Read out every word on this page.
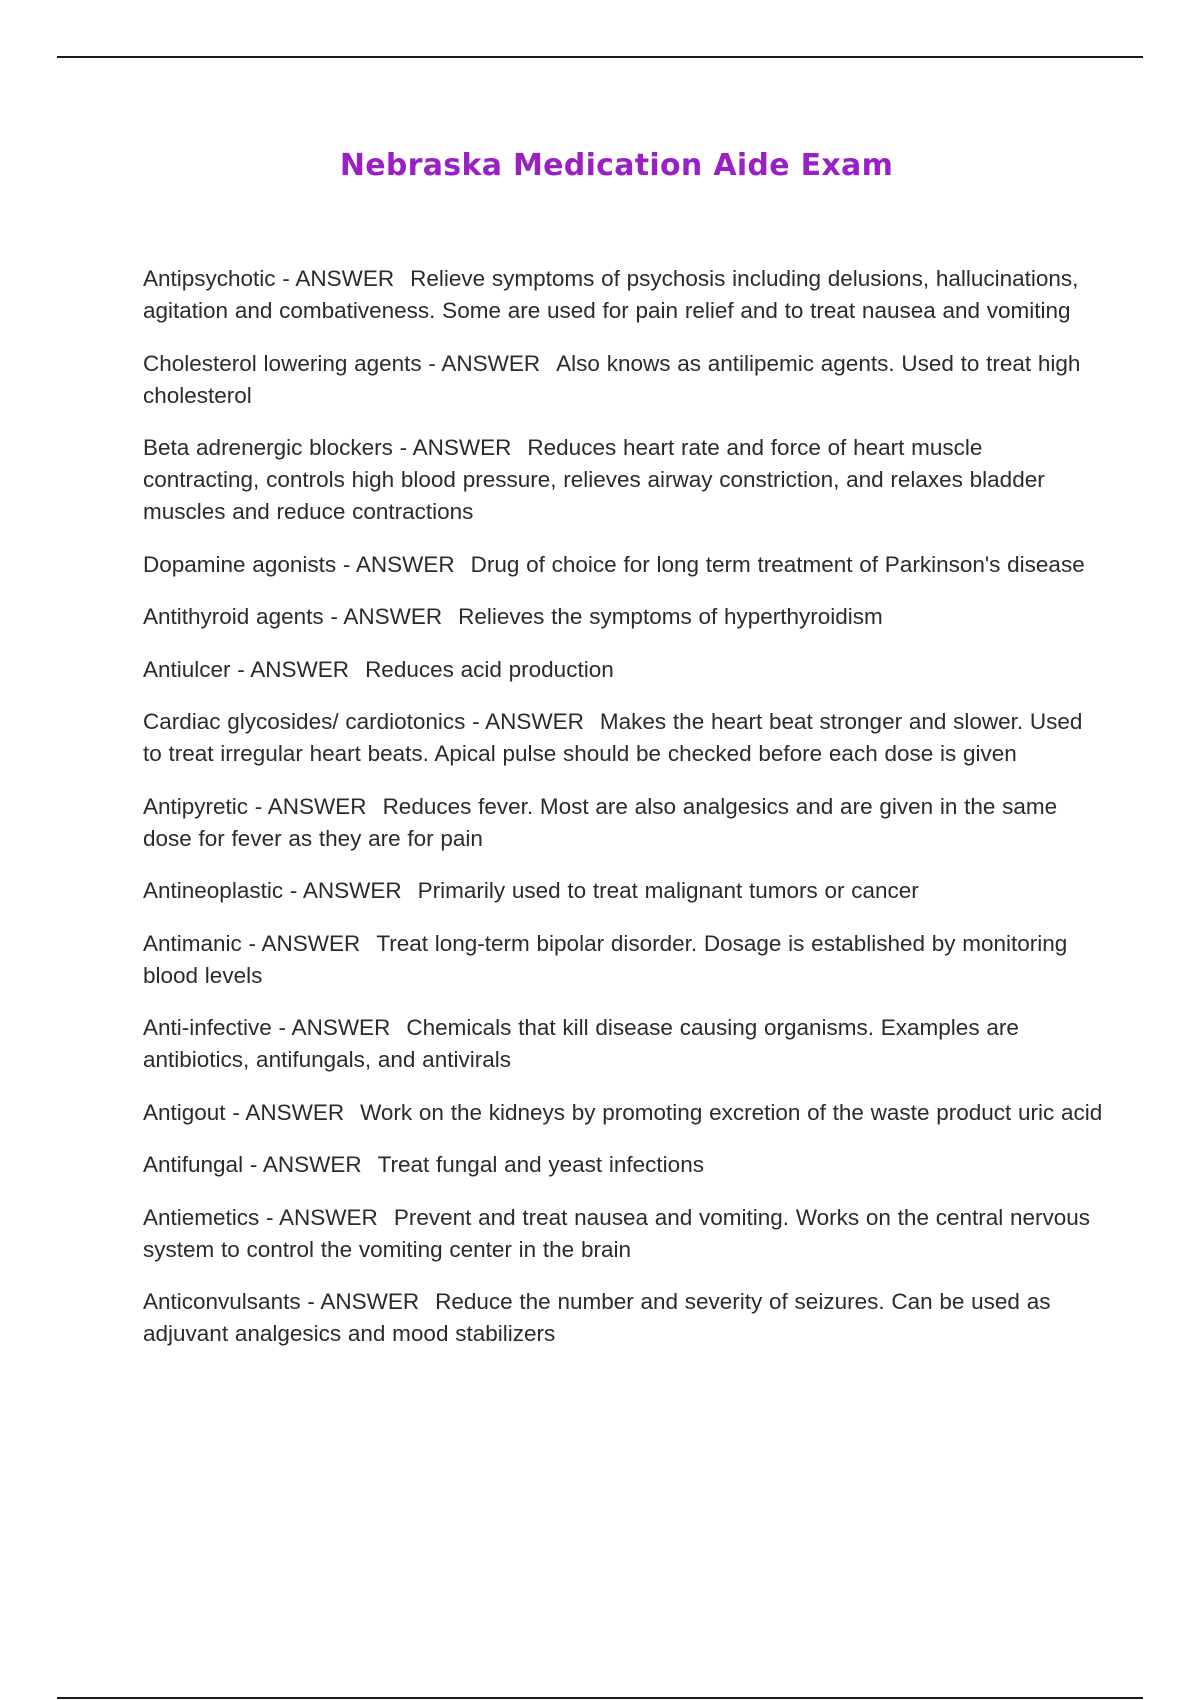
Nebraska Medication Aide Exam
Antipsychotic - ANSWER Relieve symptoms of psychosis including delusions, hallucinations, agitation and combativeness. Some are used for pain relief and to treat nausea and vomiting
Cholesterol lowering agents - ANSWER Also knows as antilipemic agents. Used to treat high cholesterol
Beta adrenergic blockers - ANSWER Reduces heart rate and force of heart muscle contracting, controls high blood pressure, relieves airway constriction, and relaxes bladder muscles and reduce contractions
Dopamine agonists - ANSWER Drug of choice for long term treatment of Parkinson's disease
Antithyroid agents - ANSWER Relieves the symptoms of hyperthyroidism
Antiulcer - ANSWER Reduces acid production
Cardiac glycosides/ cardiotonics - ANSWER Makes the heart beat stronger and slower. Used to treat irregular heart beats. Apical pulse should be checked before each dose is given
Antipyretic - ANSWER Reduces fever. Most are also analgesics and are given in the same dose for fever as they are for pain
Antineoplastic - ANSWER Primarily used to treat malignant tumors or cancer
Antimanic - ANSWER Treat long-term bipolar disorder. Dosage is established by monitoring blood levels
Anti-infective - ANSWER Chemicals that kill disease causing organisms. Examples are antibiotics, antifungals, and antivirals
Antigout - ANSWER Work on the kidneys by promoting excretion of the waste product uric acid
Antifungal - ANSWER Treat fungal and yeast infections
Antiemetics - ANSWER Prevent and treat nausea and vomiting. Works on the central nervous system to control the vomiting center in the brain
Anticonvulsants - ANSWER Reduce the number and severity of seizures. Can be used as adjuvant analgesics and mood stabilizers
